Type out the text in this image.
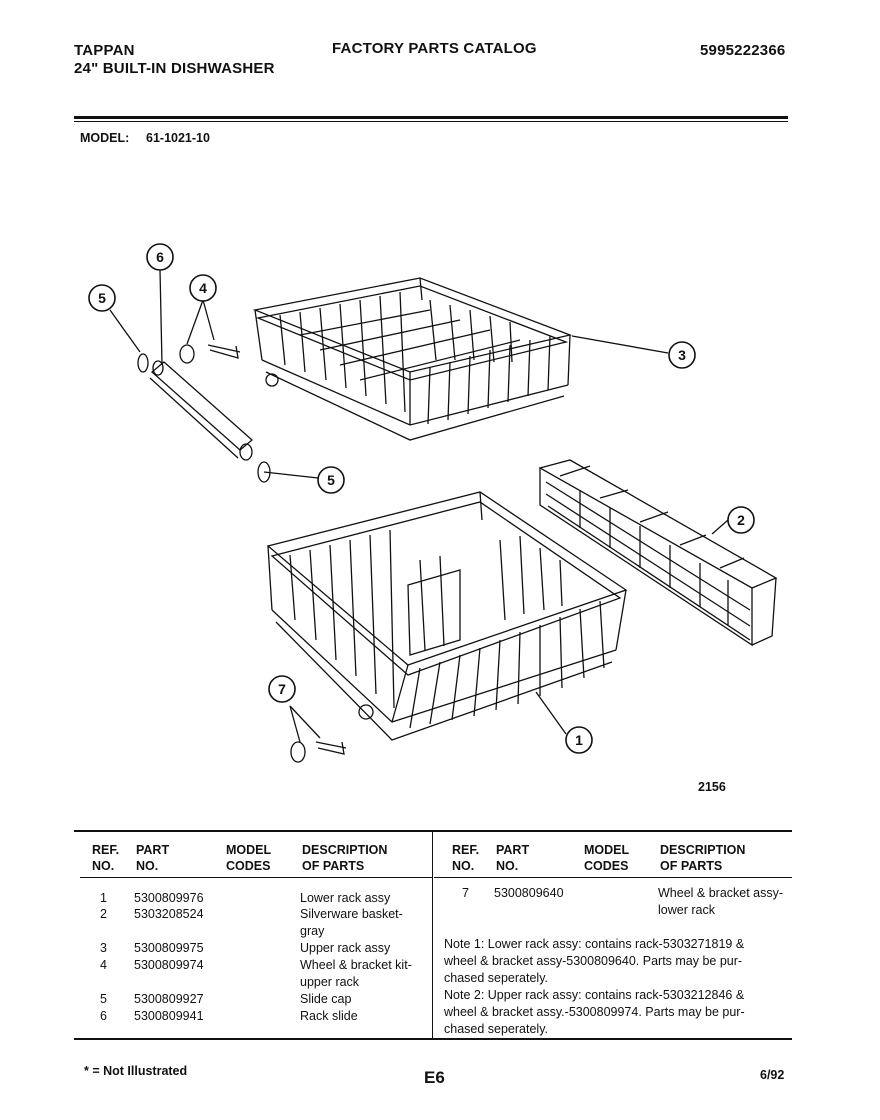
TAPPAN
24" BUILT-IN DISHWASHER
FACTORY PARTS CATALOG	5995222366
MODEL: 61-1021-10
6
5
4
3
5
2
7
1
2156
REF.
NO.
PART
NO.
MODEL
CODES
DESCRIPTION
OF PARTS
REF.
NO.
PART
NO.
MODEL
CODES
DESCRIPTION
OF PARTS
1 5300809976	Lower rack assy
2 5303208524	Silverware basket-
gray
3 5300809975	Upper rack assy
4 5300809974	Wheel & bracket kit-
upper rack
5 5300809927	Slide cap
6 5300809941	Rack slide
7 5300809640	Wheel & bracket assy-
lower rack
Note 1: Lower rack assy: contains rack-5303271819 &
wheel & bracket assy-5300809640. Parts may be pur-
chased seperately.
Note 2: Upper rack assy: contains rack-5303212846 &
wheel & bracket assy.-5300809974. Parts may be pur-
chased seperately.
* = Not Illustrated	E6	6/92
